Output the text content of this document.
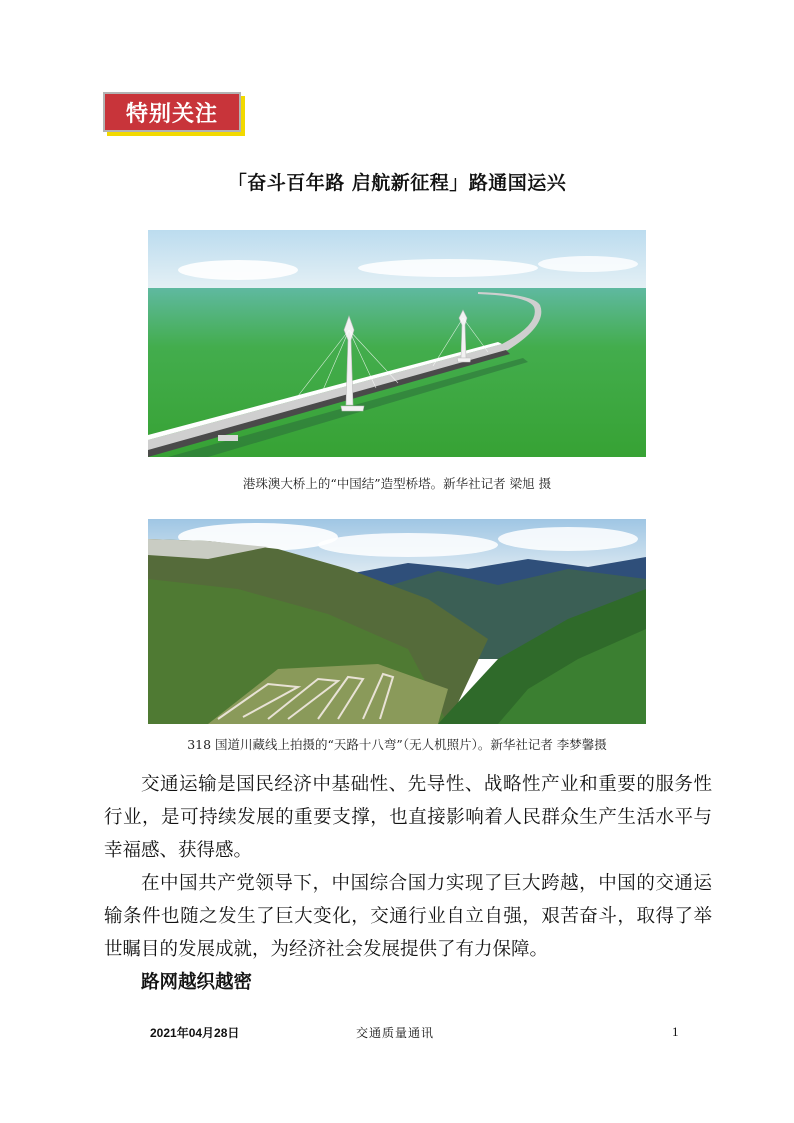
特别关注
「奋斗百年路 启航新征程」路通国运兴
港珠澳大桥上的“中国结”造型桥塔。新华社记者 梁旭 摄
318 国道川藏线上拍摄的“天路十八弯”（无人机照片）。新华社记者 李梦馨摄

交通运输是国民经济中基础性、先导性、战略性产业和重要的服务性行业，是可持续发展的重要支撑，也直接影响着人民群众生产生活水平与幸福感、获得感。

在中国共产党领导下，中国综合国力实现了巨大跨越，中国的交通运输条件也随之发生了巨大变化，交通行业自立自强，艰苦奋斗，取得了举世瞩目的发展成就，为经济社会发展提供了有力保障。

路网越织越密

2021年04月28日	交通质量通讯	1
